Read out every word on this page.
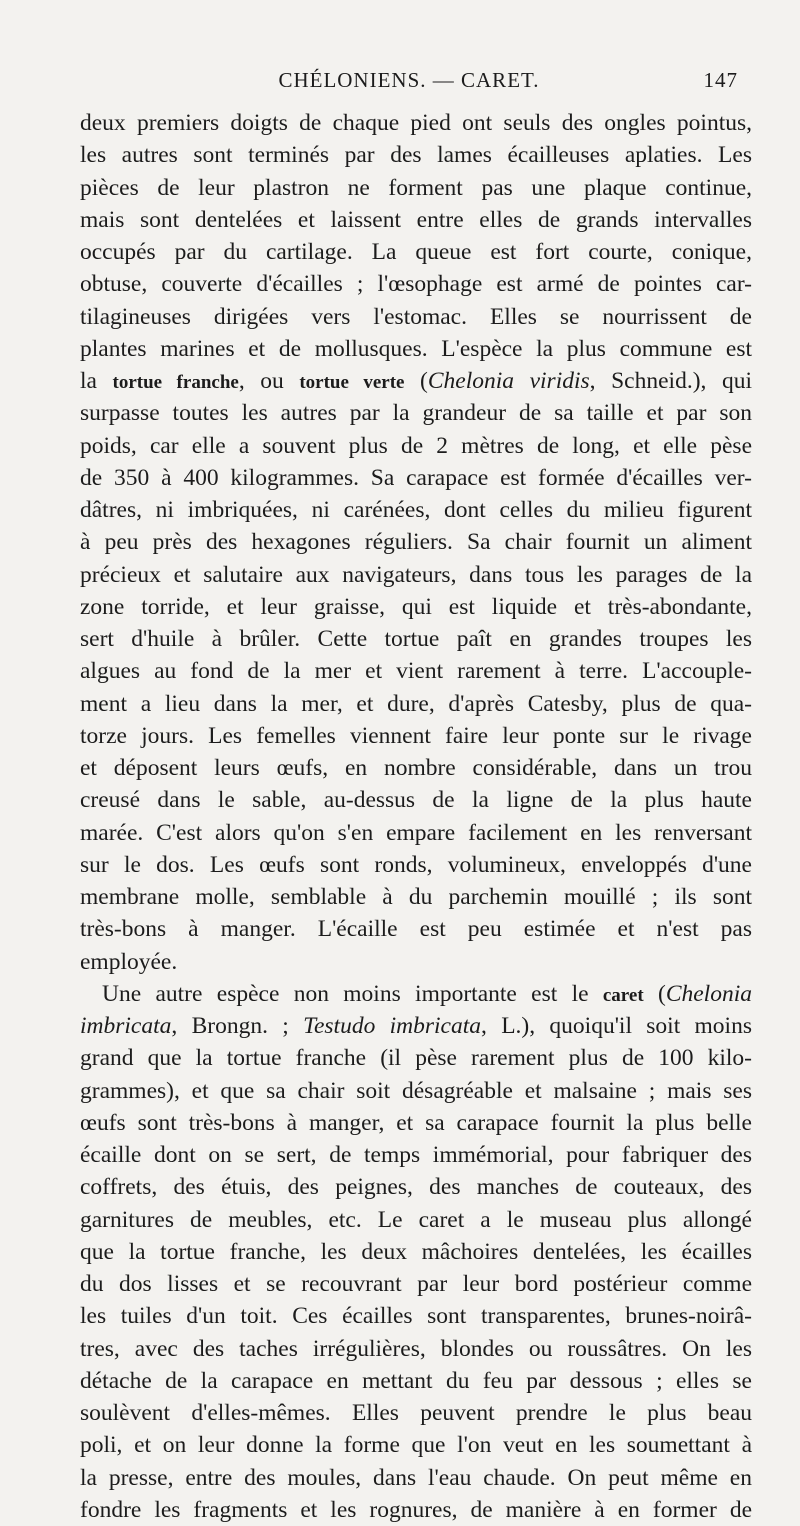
CHÉLONIENS. — CARET.	147
deux premiers doigts de chaque pied ont seuls des ongles pointus,
les autres sont terminés par des lames écailleuses aplaties. Les
pièces de leur plastron ne forment pas une plaque continue,
mais sont dentelées et laissent entre elles de grands intervalles
occupés par du cartilage. La queue est fort courte, conique,
obtuse, couverte d'écailles ; l'œsophage est armé de pointes car-
tilagineuses dirigées vers l'estomac. Elles se nourrissent de
plantes marines et de mollusques. L'espèce la plus commune est
la tortue franche, ou tortue verte (Chelonia viridis, Schneid.), qui
surpasse toutes les autres par la grandeur de sa taille et par son
poids, car elle a souvent plus de 2 mètres de long, et elle pèse
de 350 à 400 kilogrammes. Sa carapace est formée d'écailles ver-
dâtres, ni imbriquées, ni carénées, dont celles du milieu figurent
à peu près des hexagones réguliers. Sa chair fournit un aliment
précieux et salutaire aux navigateurs, dans tous les parages de la
zone torride, et leur graisse, qui est liquide et très-abondante,
sert d'huile à brûler. Cette tortue paît en grandes troupes les
algues au fond de la mer et vient rarement à terre. L'accouple-
ment a lieu dans la mer, et dure, d'après Catesby, plus de qua-
torze jours. Les femelles viennent faire leur ponte sur le rivage
et déposent leurs œufs, en nombre considérable, dans un trou
creusé dans le sable, au-dessus de la ligne de la plus haute
marée. C'est alors qu'on s'en empare facilement en les renversant
sur le dos. Les œufs sont ronds, volumineux, enveloppés d'une
membrane molle, semblable à du parchemin mouillé ; ils sont
très-bons à manger. L'écaille est peu estimée et n'est pas
employée.
Une autre espèce non moins importante est le caret (Chelonia
imbricata, Brongn. ; Testudo imbricata, L.), quoiqu'il soit moins
grand que la tortue franche (il pèse rarement plus de 100 kilo-
grammes), et que sa chair soit désagréable et malsaine ; mais ses
œufs sont très-bons à manger, et sa carapace fournit la plus belle
écaille dont on se sert, de temps immémorial, pour fabriquer des
coffrets, des étuis, des peignes, des manches de couteaux, des
garnitures de meubles, etc. Le caret a le museau plus allongé
que la tortue franche, les deux mâchoires dentelées, les écailles
du dos lisses et se recouvrant par leur bord postérieur comme
les tuiles d'un toit. Ces écailles sont transparentes, brunes-noirâ-
tres, avec des taches irrégulières, blondes ou roussâtres. On les
détache de la carapace en mettant du feu par dessous ; elles se
soulèvent d'elles-mêmes. Elles peuvent prendre le plus beau
poli, et on leur donne la forme que l'on veut en les soumettant à
la presse, entre des moules, dans l'eau chaude. On peut même en
fondre les fragments et les rognures, de manière à en former de
